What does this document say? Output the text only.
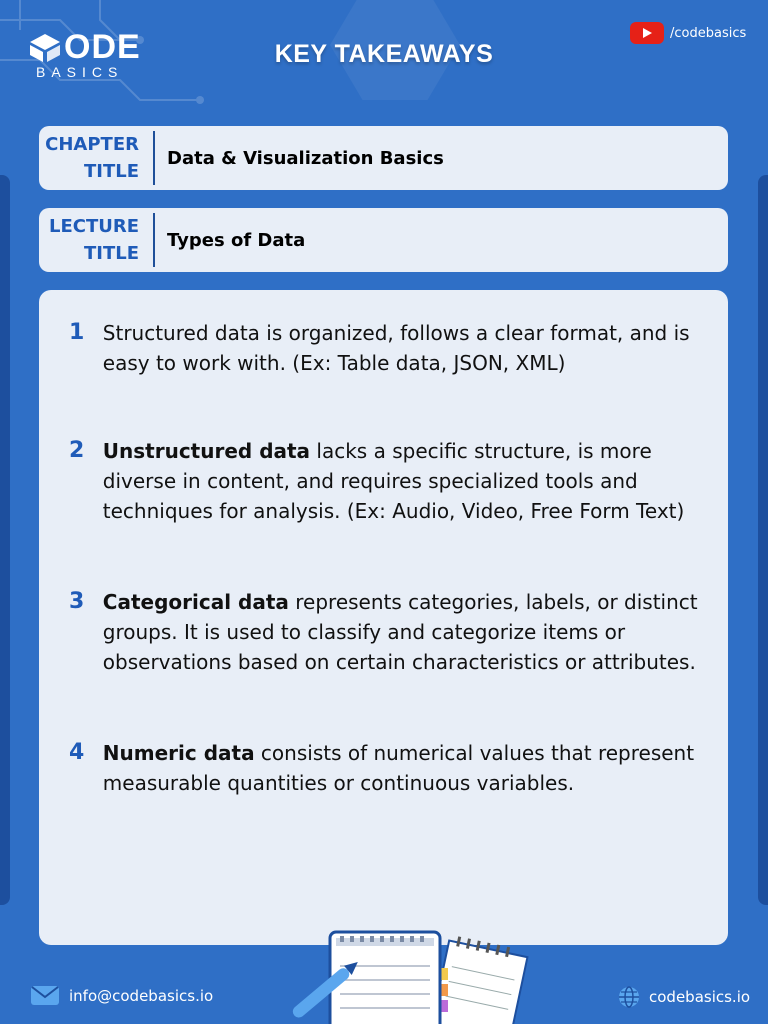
ODE
BASICS
KEY TAKEAWAYS
/codebasics
CHAPTER
TITLE
Data & Visualization Basics
LECTURE
TITLE
Types of Data
1 Structured data is organized, follows a clear format, and is easy to work with. (Ex: Table data, JSON, XML)
2 Unstructured data lacks a specific structure, is more diverse in content, and requires specialized tools and techniques for analysis. (Ex: Audio, Video, Free Form Text)
3 Categorical data represents categories, labels, or distinct groups. It is used to classify and categorize items or observations based on certain characteristics or attributes.
4 Numeric data consists of numerical values that represent measurable quantities or continuous variables.
info@codebasics.io	codebasics.io
